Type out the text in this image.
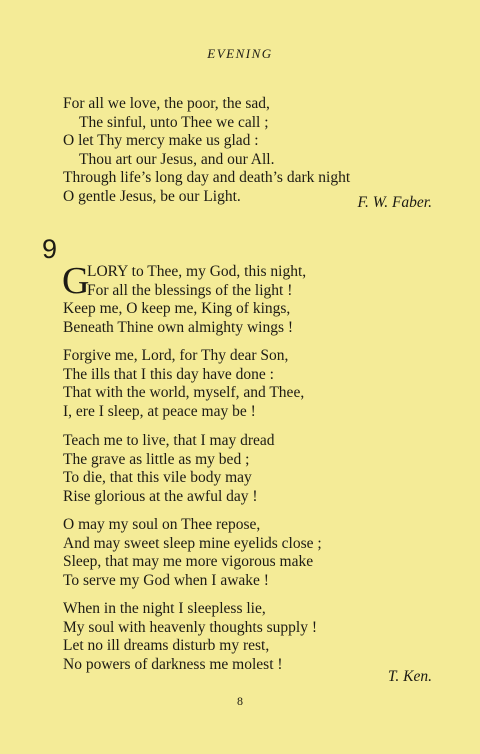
EVENING
For all we love, the poor, the sad,
The sinful, unto Thee we call ;
O let Thy mercy make us glad :
Thou art our Jesus, and our All.
Through life’s long day and death’s dark night
O gentle Jesus, be our Light.	F. W. Faber.
9
G
LORY to Thee, my God, this night,
For all the blessings of the light !
Keep me, O keep me, King of kings,
Beneath Thine own almighty wings !
Forgive me, Lord, for Thy dear Son,
The ills that I this day have done :
That with the world, myself, and Thee,
I, ere I sleep, at peace may be !
Teach me to live, that I may dread
The grave as little as my bed ;
To die, that this vile body may
Rise glorious at the awful day !
O may my soul on Thee repose,
And may sweet sleep mine eyelids close ;
Sleep, that may me more vigorous make
To serve my God when I awake !
When in the night I sleepless lie,
My soul with heavenly thoughts supply !
Let no ill dreams disturb my rest,
No powers of darkness me molest !
T. Ken.
8
